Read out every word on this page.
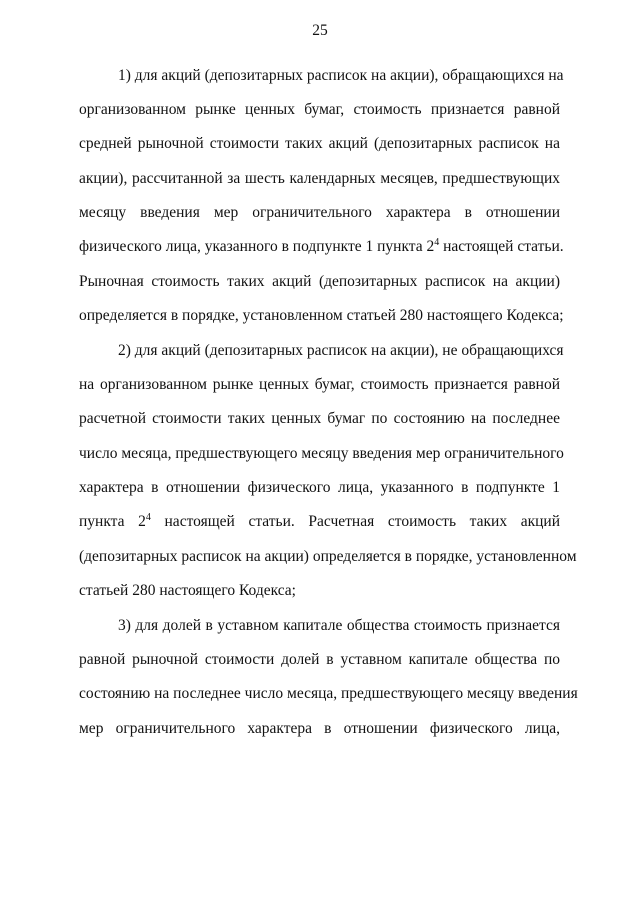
25
1) для акций (депозитарных расписок на акции), обращающихся на
организованном рынке ценных бумаг, стоимость признается равной
средней рыночной стоимости таких акций (депозитарных расписок на
акции), рассчитанной за шесть календарных месяцев, предшествующих
месяцу введения мер ограничительного характера в отношении
физического лица, указанного в подпункте 1 пункта $2^4$ настоящей статьи.
Рыночная стоимость таких акций (депозитарных расписок на акции)
определяется в порядке, установленном статьей 280 настоящего Кодекса;
2) для акций (депозитарных расписок на акции), не обращающихся
на организованном рынке ценных бумаг, стоимость признается равной
расчетной стоимости таких ценных бумаг по состоянию на последнее
число месяца, предшествующего месяцу введения мер ограничительного
характера в отношении физического лица, указанного в подпункте 1
пункта $2^4$ настоящей статьи. Расчетная стоимость таких акций
(депозитарных расписок на акции) определяется в порядке, установленном
статьей 280 настоящего Кодекса;
3) для долей в уставном капитале общества стоимость признается
равной рыночной стоимости долей в уставном капитале общества по
состоянию на последнее число месяца, предшествующего месяцу введения
мер ограничительного характера в отношении физического лица,
